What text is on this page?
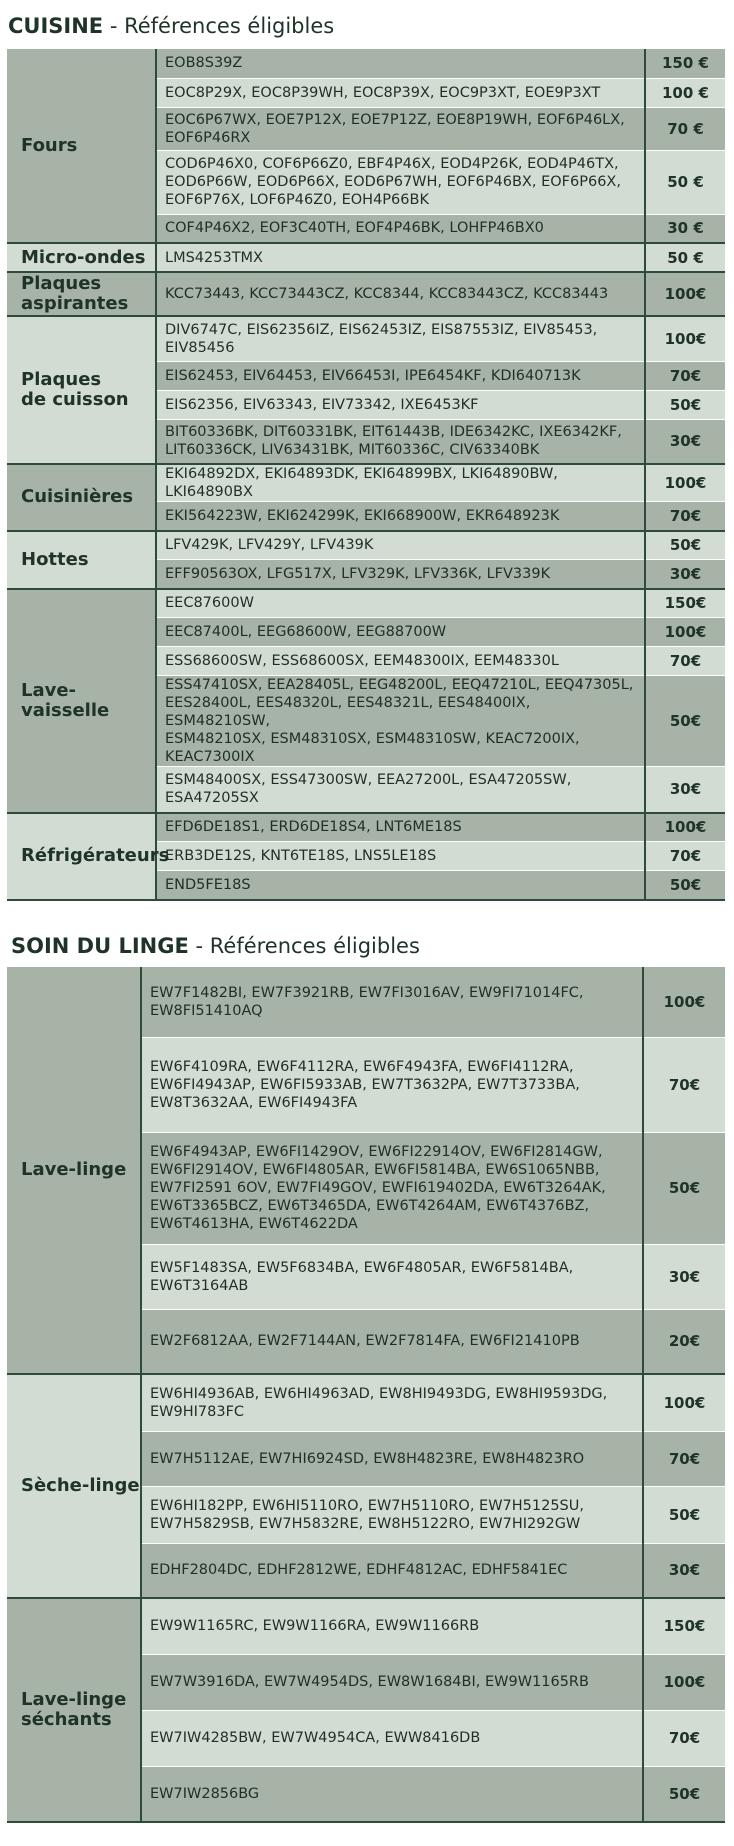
CUISINE - Références éligibles
Fours	EOB8S39Z	150 €
	EOC8P29X, EOC8P39WH, EOC8P39X, EOC9P3XT, EOE9P3XT	100 €
	EOC6P67WX, EOE7P12X, EOE7P12Z, EOE8P19WH, EOF6P46LX,
EOF6P46RX	70 €
	COD6P46X0, COF6P66Z0, EBF4P46X, EOD4P26K, EOD4P46TX,
EOD6P66W, EOD6P66X, EOD6P67WH, EOF6P46BX, EOF6P66X,
EOF6P76X, LOF6P46Z0, EOH4P66BK	50 €
	COF4P46X2, EOF3C40TH, EOF4P46BK, LOHFP46BX0	30 €
Micro-ondes	LMS4253TMX	50 €
Plaques
aspirantes	KCC73443, KCC73443CZ, KCC8344, KCC83443CZ, KCC83443	100€
Plaques
de cuisson	DIV6747C, EIS62356IZ, EIS62453IZ, EIS87553IZ, EIV85453,
EIV85456	100€
	EIS62453, EIV64453, EIV66453I, IPE6454KF, KDI640713K	70€
	EIS62356, EIV63343, EIV73342, IXE6453KF	50€
	BIT60336BK, DIT60331BK, EIT61443B, IDE6342KC, IXE6342KF,
LIT60336CK, LIV63431BK, MIT60336C, CIV63340BK	30€
Cuisinières	EKI64892DX, EKI64893DK, EKI64899BX, LKI64890BW, LKI64890BX	100€
	EKI564223W, EKI624299K, EKI668900W, EKR648923K	70€
Hottes	LFV429K, LFV429Y, LFV439K	50€
	EFF90563OX, LFG517X, LFV329K, LFV336K, LFV339K	30€
Lave-vaisselle	EEC87600W	150€
	EEC87400L, EEG68600W, EEG88700W	100€
	ESS68600SW, ESS68600SX, EEM48300IX, EEM48330L	70€
	ESS47410SX, EEA28405L, EEG48200L, EEQ47210L, EEQ47305L,
EES28400L, EES48320L, EES48321L, EES48400IX, ESM48210SW,
ESM48210SX, ESM48310SX, ESM48310SW, KEAC7200IX,
KEAC7300IX	50€
	ESM48400SX, ESS47300SW, EEA27200L, ESA47205SW,
ESA47205SX	30€
Réfrigérateurs	EFD6DE18S1, ERD6DE18S4, LNT6ME18S	100€
	ERB3DE12S, KNT6TE18S, LNS5LE18S	70€
	END5FE18S	50€
SOIN DU LINGE - Références éligibles
Lave-linge	EW7F1482BI, EW7F3921RB, EW7FI3016AV, EW9FI71014FC,
EW8FI51410AQ	100€
	EW6F4109RA, EW6F4112RA, EW6F4943FA, EW6FI4112RA,
EW6FI4943AP, EW6FI5933AB, EW7T3632PA, EW7T3733BA,
EW8T3632AA, EW6FI4943FA	70€
	EW6F4943AP, EW6FI1429OV, EW6FI22914OV, EW6FI2814GW,
EW6FI2914OV, EW6FI4805AR, EW6FI5814BA, EW6S1065NBB,
EW7FI2591 6OV, EW7FI49GOV, EWFI619402DA, EW6T3264AK,
EW6T3365BCZ, EW6T3465DA, EW6T4264AM, EW6T4376BZ,
EW6T4613HA, EW6T4622DA	50€
	EW5F1483SA, EW5F6834BA, EW6F4805AR, EW6F5814BA,
EW6T3164AB	30€
	EW2F6812AA, EW2F7144AN, EW2F7814FA, EW6FI21410PB	20€
Sèche-linge	EW6HI4936AB, EW6HI4963AD, EW8HI9493DG, EW8HI9593DG,
EW9HI783FC	100€
	EW7H5112AE, EW7HI6924SD, EW8H4823RE, EW8H4823RO	70€
	EW6HI182PP, EW6HI5110RO, EW7H5110RO, EW7H5125SU,
EW7H5829SB, EW7H5832RE, EW8H5122RO, EW7HI292GW	50€
	EDHF2804DC, EDHF2812WE, EDHF4812AC, EDHF5841EC	30€
Lave-linge
séchants	EW9W1165RC, EW9W1166RA, EW9W1166RB	150€
	EW7W3916DA, EW7W4954DS, EW8W1684BI, EW9W1165RB	100€
	EW7IW4285BW, EW7W4954CA, EWW8416DB	70€
	EW7IW2856BG	50€
